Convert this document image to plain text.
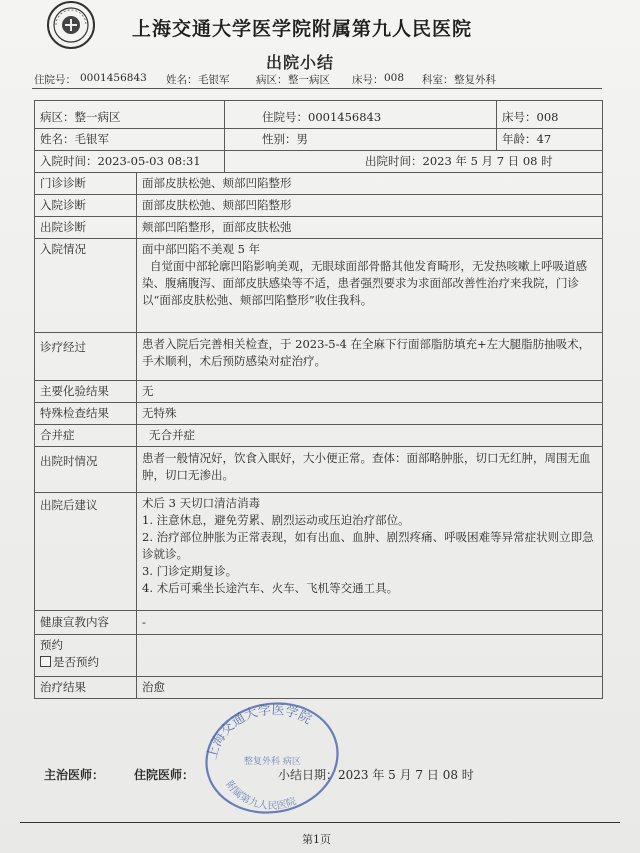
上海交通大学医学院附属第九人民医院
出院小结
住院号： 0001456843 姓名： 毛银军	病区： 整一病区 床号： 008 科室： 整复外科
病区：整一病区		住院号：0001456843	床号：008
姓名：毛银军		性别：男	年龄：47
入院时间：2023-05-03 08:31		出院时间：2023 年 5 月 7 日 08 时	
门诊诊断	面部皮肤松弛、颊部凹陷整形		
入院诊断	面部皮肤松弛、颊部凹陷整形		
出院诊断	颊部凹陷整形，面部皮肤松弛		
入院情况	面中部凹陷不美观 5 年
自觉面中部轮廓凹陷影响美观，无眼球面部骨骼其他发育畸形，无发热咳嗽上呼吸道感染、腹痛腹泻、面部皮肤感染等不适，患者强烈要求为求面部改善性治疗来我院，门诊以“面部皮肤松弛、颊部凹陷整形”收住我科。		

诊疗经过	患者入院后完善相关检查，于 2023-5-4 在全麻下行面部脂肪填充+左大腿脂肪抽吸术，手术顺利，术后预防感染对症治疗。		
主要化验结果	无		
特殊检查结果	无特殊		
合并症	无合并症		
出院时情况	患者一般情况好，饮食入眠好，大小便正常。查体：面部略肿胀，切口无红肿，周围无血肿，切口无渗出。		
出院后建议	术后 3 天切口清洁消毒
1. 注意休息，避免劳累、剧烈运动或压迫治疗部位。
2. 治疗部位肿胀为正常表现，如有出血、血肿、剧烈疼痛、呼吸困难等异常症状则立即急诊就诊。
3. 门诊定期复诊。
4. 术后可乘坐长途汽车、火车、飞机等交通工具。		

健康宣教内容	-		

预约
是否预约			

治疗结果	治愈		
上海交通大学医学院
整复外科 病区
附属第九人民医院
主治医师： 住院医师：	小结日期： 2023 年 5 月 7 日 08 时
第1页
